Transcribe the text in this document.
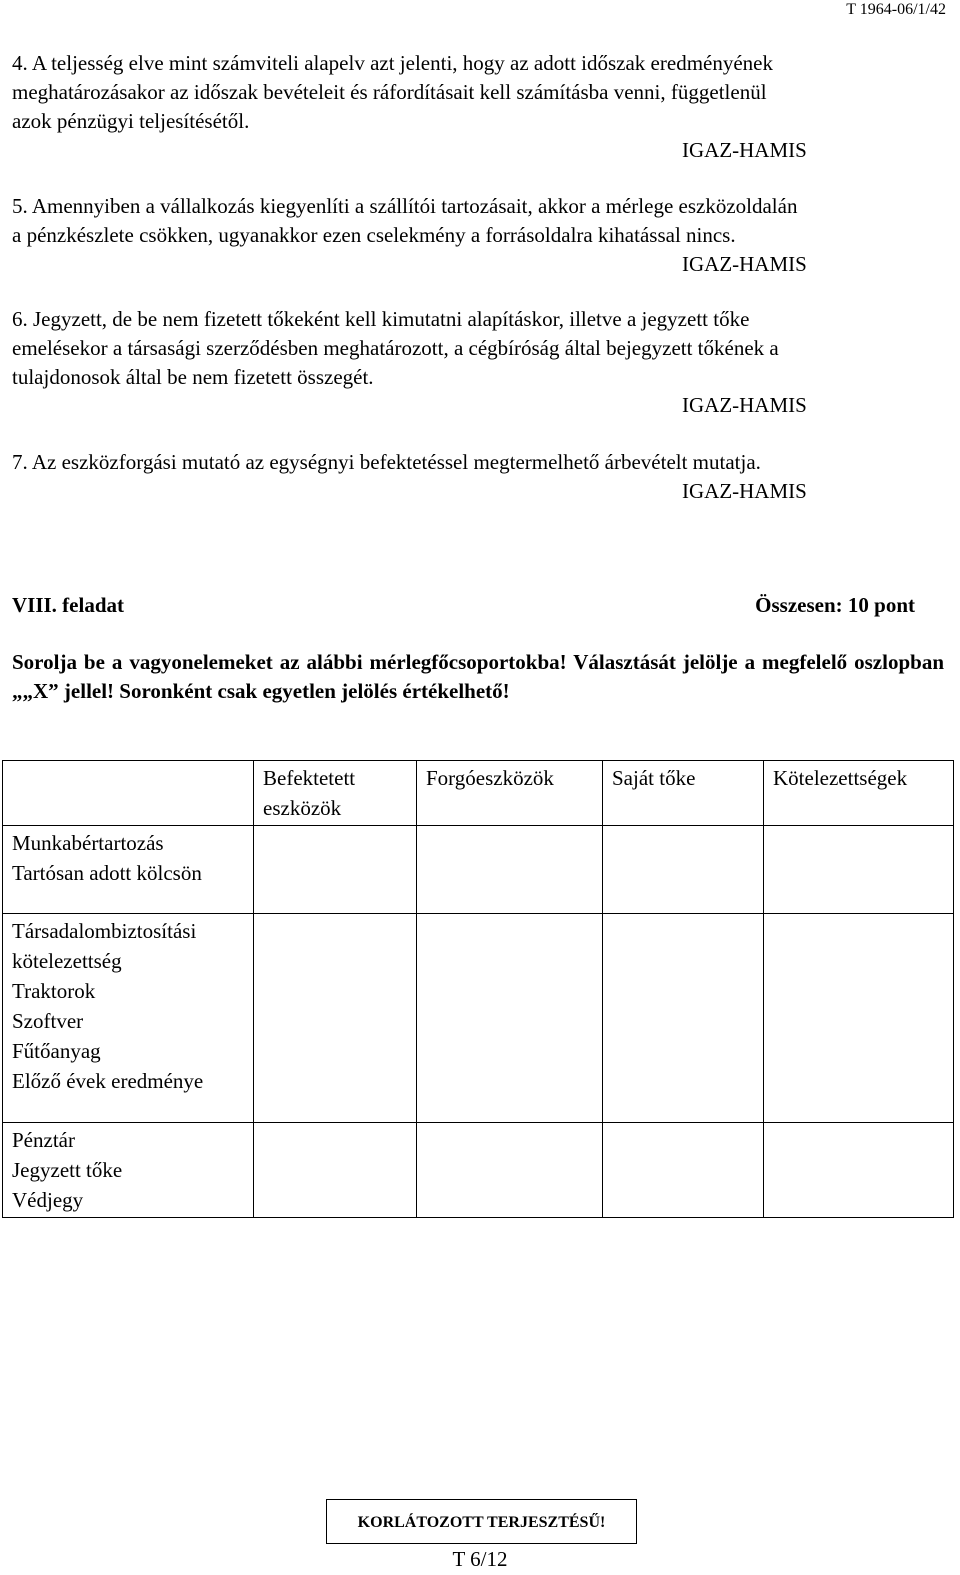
T 1964-06/1/42

4. A teljesség elve mint számviteli alapelv azt jelenti, hogy az adott időszak eredményének

meghatározásakor az időszak bevételeit és ráfordításait kell számításba venni, függetlenül

azok pénzügyi teljesítésétől.

IGAZ-HAMIS

5. Amennyiben a vállalkozás kiegyenlíti a szállítói tartozásait, akkor a mérlege eszközoldalán

a pénzkészlete csökken, ugyanakkor ezen cselekmény a forrásoldalra kihatással nincs.

IGAZ-HAMIS

6. Jegyzett, de be nem fizetett tőkeként kell kimutatni alapításkor, illetve a jegyzett tőke

emelésekor a társasági szerződésben meghatározott, a cégbíróság által bejegyzett tőkének a

tulajdonosok által be nem fizetett összegét.

IGAZ-HAMIS

7. Az eszközforgási mutató az egységnyi befektetéssel megtermelhető árbevételt mutatja.

IGAZ-HAMIS
VIII. feladat	Összesen: 10 pont
Sorolja be a vagyonelemeket az alábbi mérlegfőcsoportokba! Választását jelölje a megfelelő oszlopban „„X” jellel! Soronként csak egyetlen jelölés értékelhető!
	Befektetett eszközök	Forgóeszközök	Saját tőke	Kötelezettségek

Munkabértartozás
Tartósan adott kölcsön				

Társadalombiztosítási kötelezettség
Traktorok
Szoftver
Fűtőanyag
Előző évek eredménye				

Pénztár
Jegyzett tőke
Védjegy				

KORLÁTOZOTT TERJESZTÉSŰ!
T 6/12
